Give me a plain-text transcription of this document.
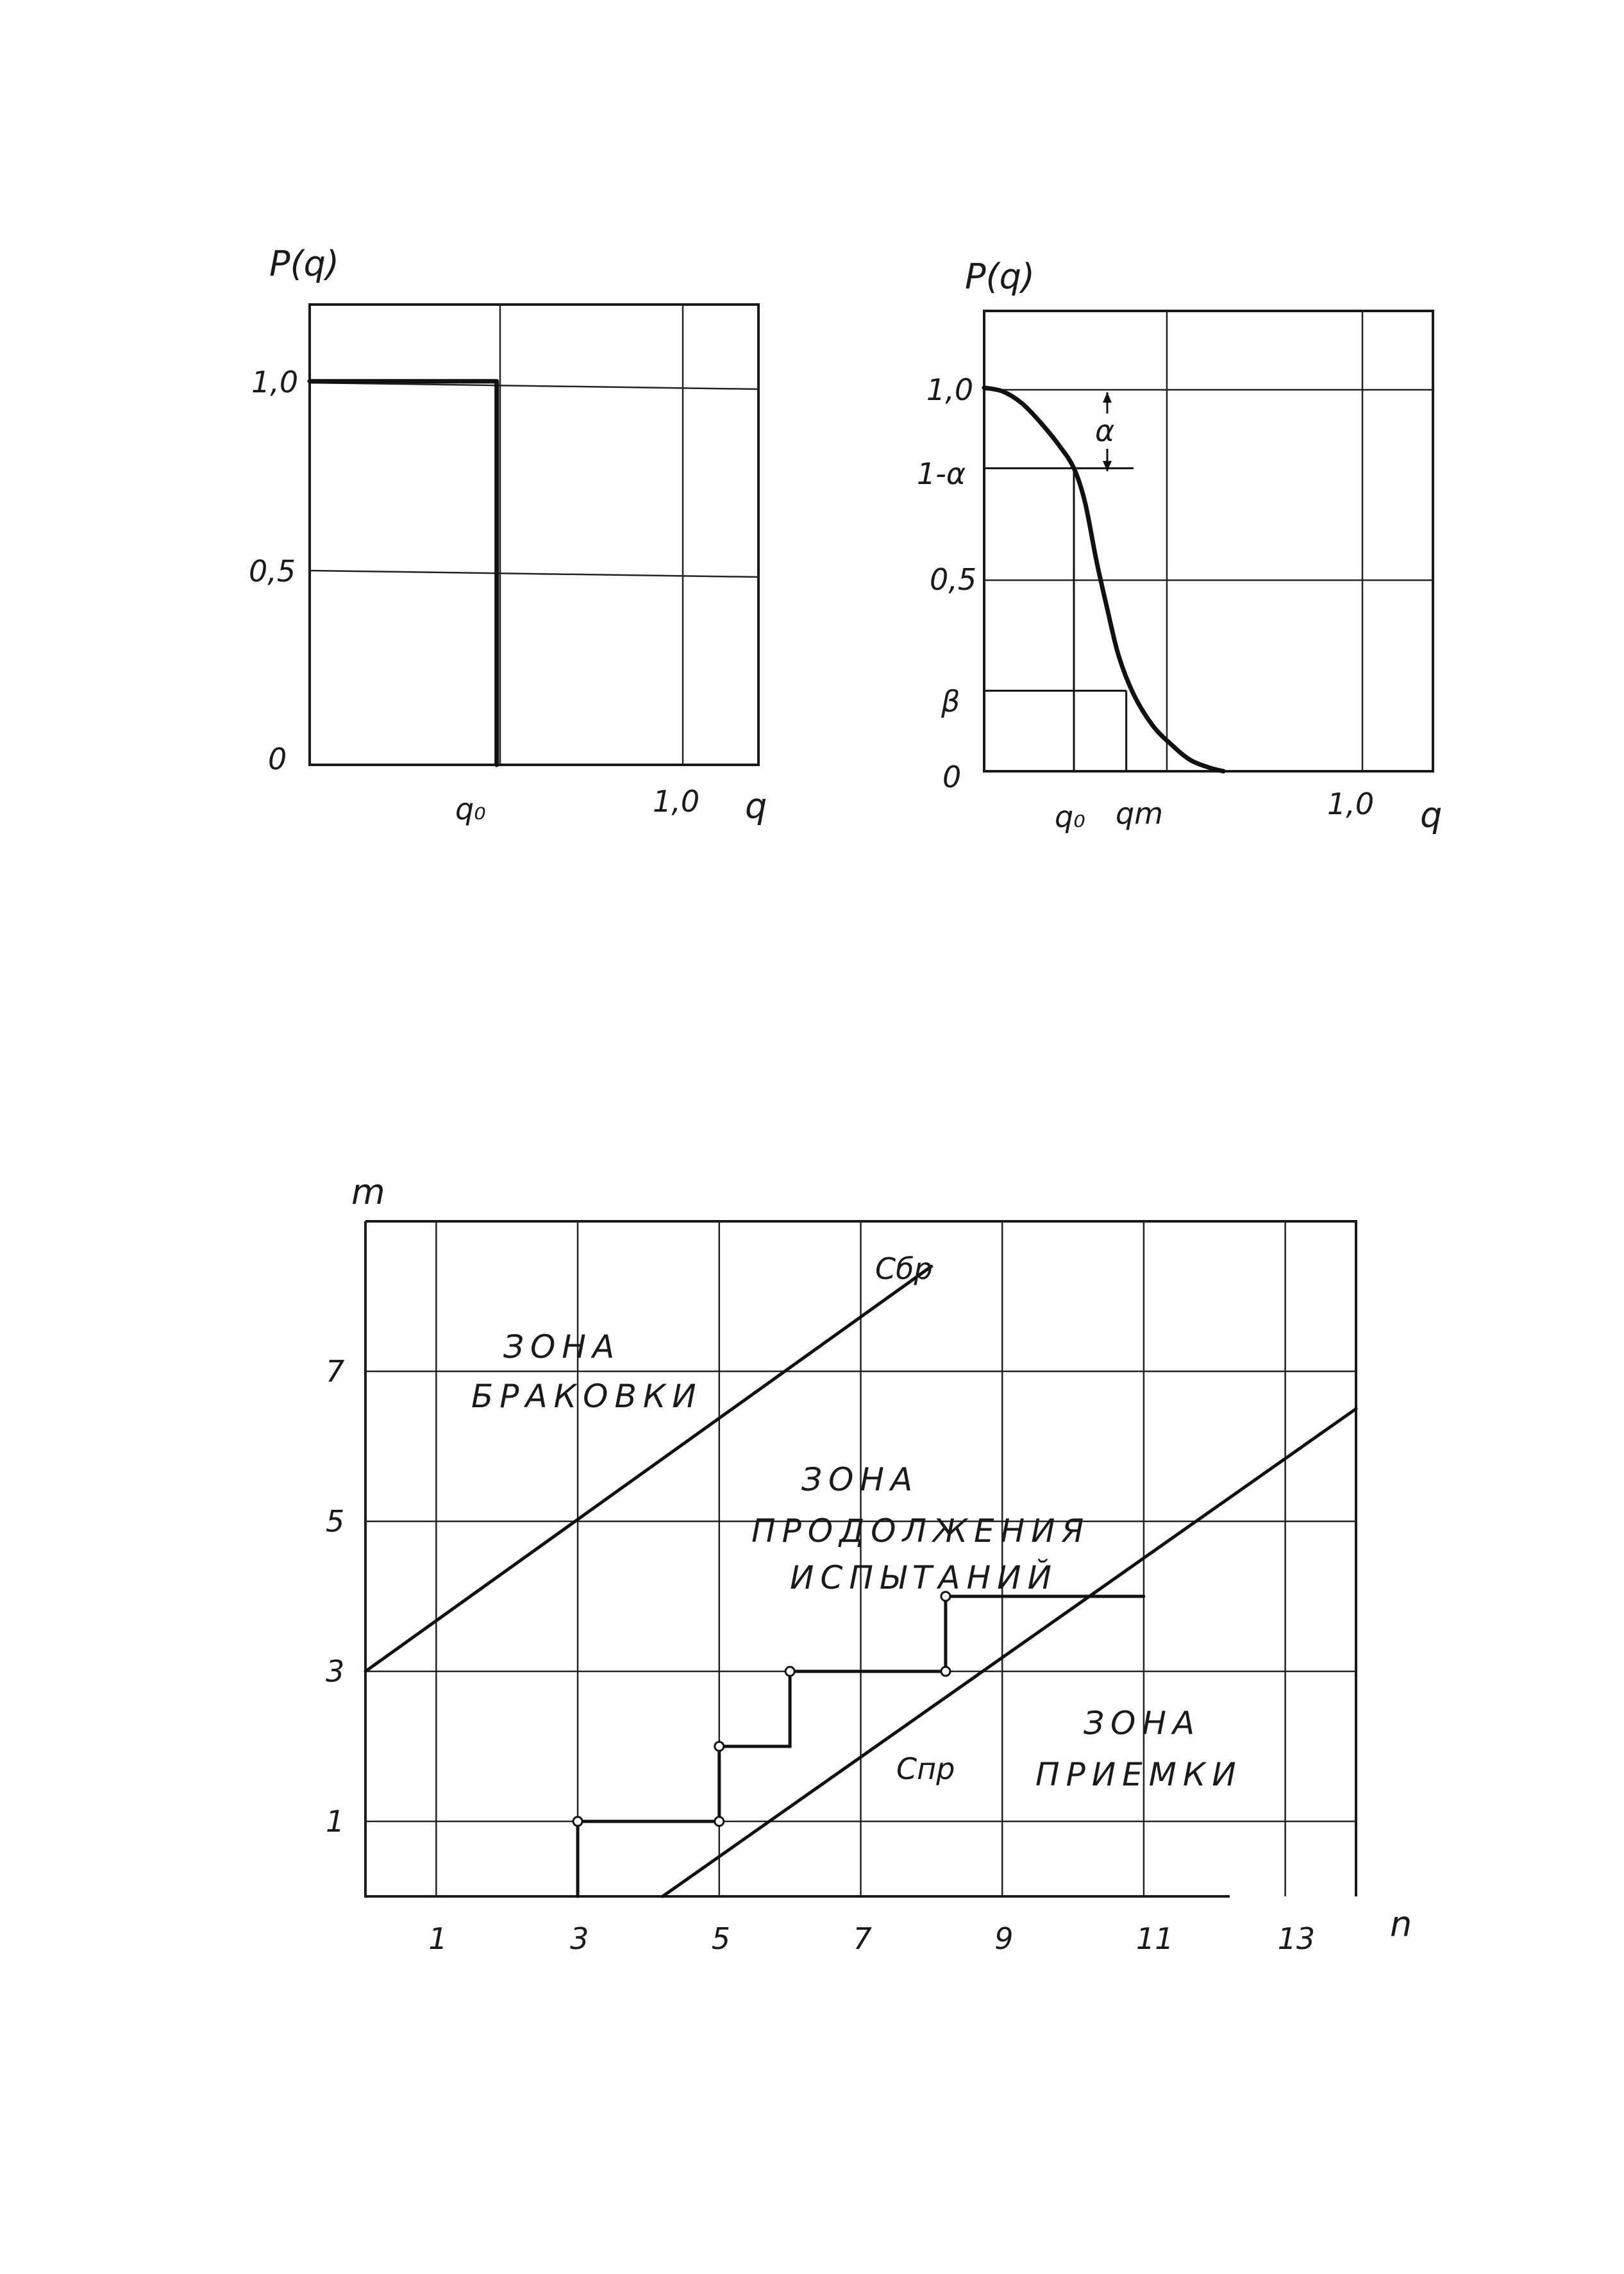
P(q)
1,0
0,5
0
q₀	1,0 q
α
P(q)
1,0
1-α
0,5
β
0
q₀ qm	1,0 q
1	3	5	7	9	11	13
1
3
5
7
m
n
Сбр
Спр
ЗОНА
БРАКОВКИ
ЗОНА
ПРОДОЛЖЕНИЯ
ИСПЫТАНИЙ
ЗОНА
ПРИЕМКИ
